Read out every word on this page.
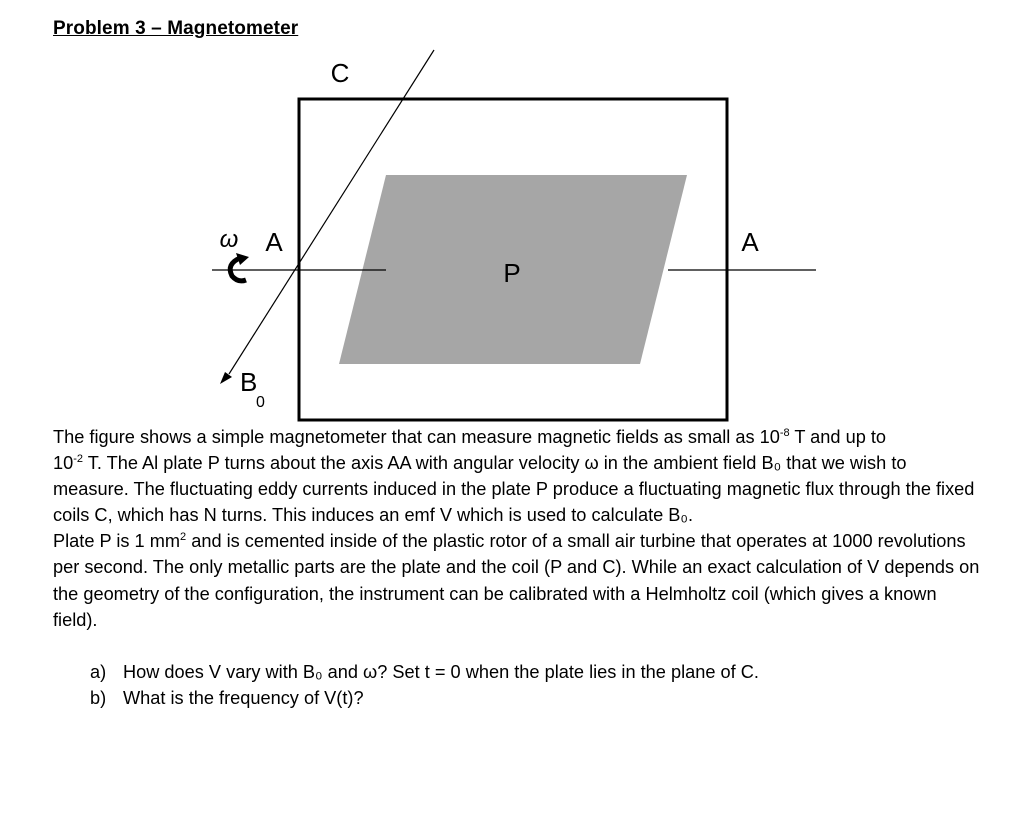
Problem 3 – Magnetometer
C
ω A	A
P
B
0

The figure shows a simple magnetometer that can measure magnetic fields as small as $10^{-8}$ T and up to
$10^{-2}$ T. The Al plate P turns about the axis AA with angular velocity ω in the ambient field B₀ that we wish to measure. The fluctuating eddy currents induced in the plate P produce a fluctuating magnetic flux through the fixed coils C, which has N turns. This induces an emf V which is used to calculate B₀.

Plate P is 1 $mm^2$ and is cemented inside of the plastic rotor of a small air turbine that operates at 1000 revolutions per second. The only metallic parts are the plate and the coil (P and C). While an exact calculation of V depends on the geometry of the configuration, the instrument can be calibrated with a Helmholtz coil (which gives a known field).

a) How does V vary with B₀ and ω? Set t = 0 when the plate lies in the plane of C.
b) What is the frequency of V(t)?
